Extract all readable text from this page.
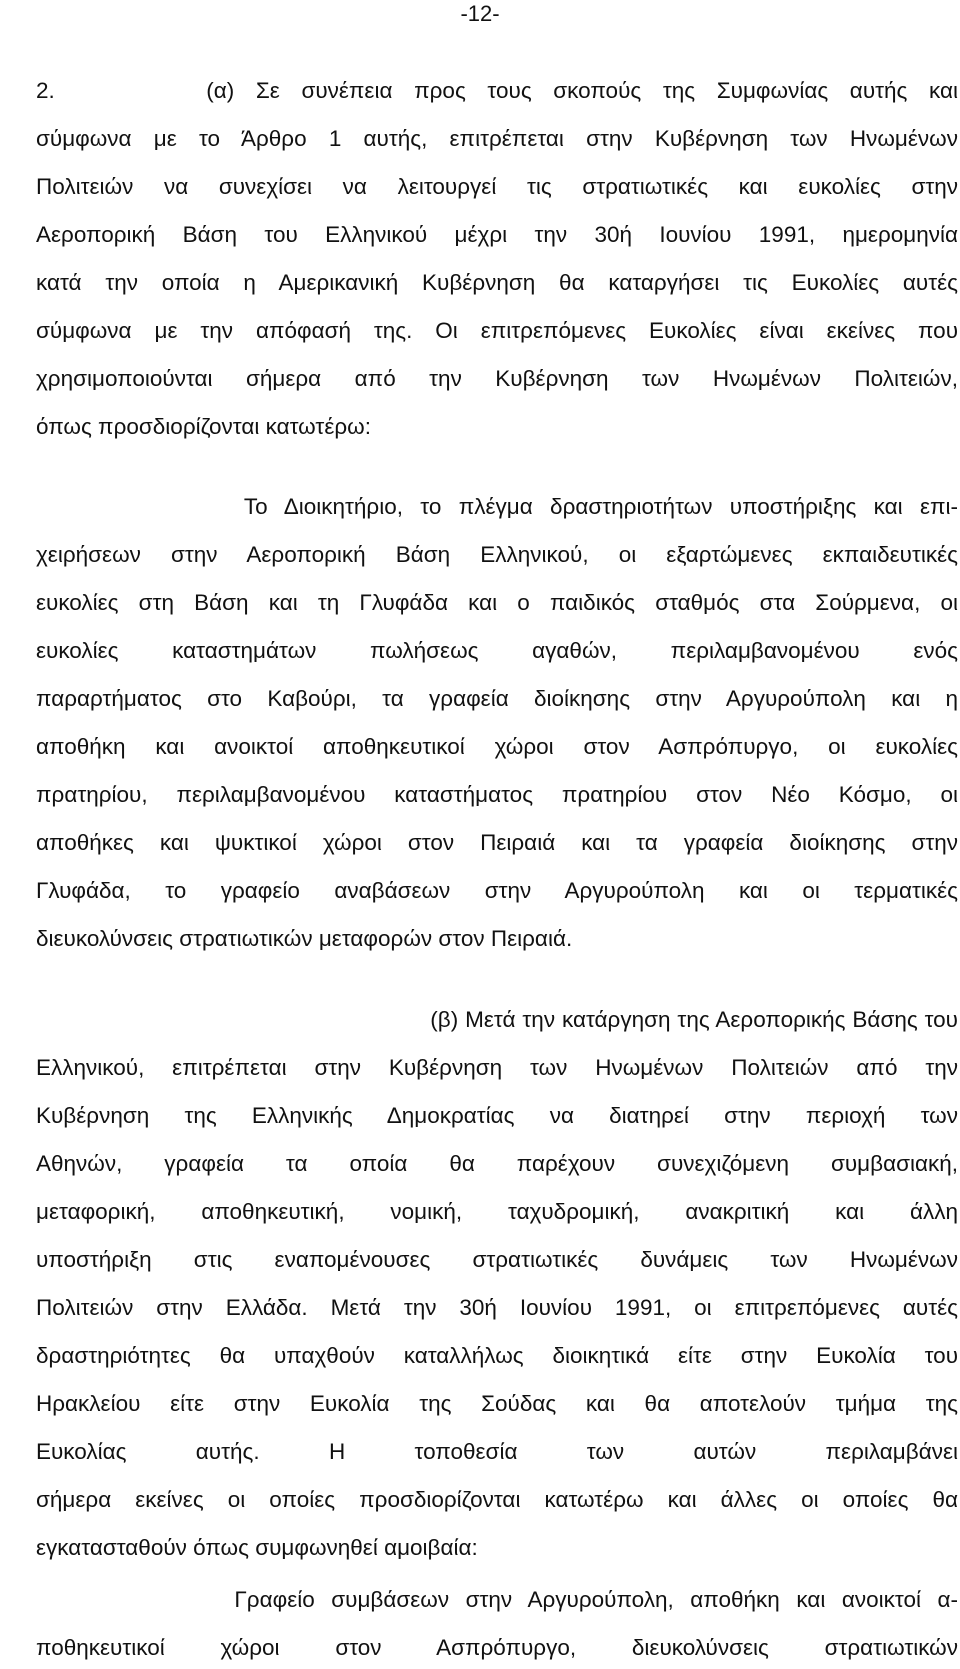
-12-
2.       (α) Σε συνέπεια προς τους σκοπούς της Συμφωνίας αυτής και
σύμφωνα με το Άρθρο 1 αυτής, επιτρέπεται στην Κυβέρνηση των Ηνωμένων
Πολιτειών να συνεχίσει να λειτουργεί τις στρατιωτικές και ευκολίες στην
Αεροπορική Βάση του Ελληνικού μέχρι την 30ή Ιουνίου 1991, ημερομηνία
κατά την οποία η Αμερικανική Κυβέρνηση θα καταργήσει τις Ευκολίες αυτές
σύμφωνα με την απόφασή της. Οι επιτρεπόμενες Ευκολίες είναι εκείνες που
χρησιμοποιούνται σήμερα από την Κυβέρνηση των Ηνωμένων Πολιτειών,
όπως προσδιορίζονται κατωτέρω:
Το Διοικητήριο, το πλέγμα δραστηριοτήτων υποστήριξης και επι-
χειρήσεων στην Αεροπορική Βάση Ελληνικού, οι εξαρτώμενες εκπαιδευτικές
ευκολίες στη Βάση και τη Γλυφάδα και ο παιδικός σταθμός στα Σούρμενα, οι
ευκολίες καταστημάτων πωλήσεως αγαθών, περιλαμβανομένου ενός
παραρτήματος στο Καβούρι, τα γραφεία διοίκησης στην Αργυρούπολη και η
αποθήκη και ανοικτοί αποθηκευτικοί χώροι στον Ασπρόπυργο, οι ευκολίες
πρατηρίου, περιλαμβανομένου καταστήματος πρατηρίου στον Νέο Κόσμο, οι
αποθήκες και ψυκτικοί χώροι στον Πειραιά και τα γραφεία διοίκησης στην
Γλυφάδα, το γραφείο αναβάσεων στην Αργυρούπολη και οι τερματικές
διευκολύνσεις στρατιωτικών μεταφορών στον Πειραιά.
(β) Μετά την κατάργηση της Αεροπορικής Βάσης του
Ελληνικού, επιτρέπεται στην Κυβέρνηση των Ηνωμένων Πολιτειών από την
Κυβέρνηση της Ελληνικής Δημοκρατίας να διατηρεί στην περιοχή των
Αθηνών, γραφεία τα οποία θα παρέχουν συνεχιζόμενη συμβασιακή,
μεταφορική, αποθηκευτική, νομική, ταχυδρομική, ανακριτική και άλλη
υποστήριξη στις εναπομένουσες στρατιωτικές δυνάμεις των Ηνωμένων
Πολιτειών στην Ελλάδα. Μετά την 30ή Ιουνίου 1991, οι επιτρεπόμενες αυτές
δραστηριότητες θα υπαχθούν καταλλήλως διοικητικά είτε στην Ευκολία του
Ηρακλείου είτε στην Ευκολία της Σούδας και θα αποτελούν τμήμα της
Ευκολίας αυτής. Η τοποθεσία των αυτών περιλαμβάνει
σήμερα εκείνες οι οποίες προσδιορίζονται κατωτέρω και άλλες οι οποίες θα
εγκατασταθούν όπως συμφωνηθεί αμοιβαία:
Γραφείο συμβάσεων στην Αργυρούπολη, αποθήκη και ανοικτοί α-
ποθηκευτικοί χώροι στον Ασπρόπυργο, διευκολύνσεις στρατιωτικών
